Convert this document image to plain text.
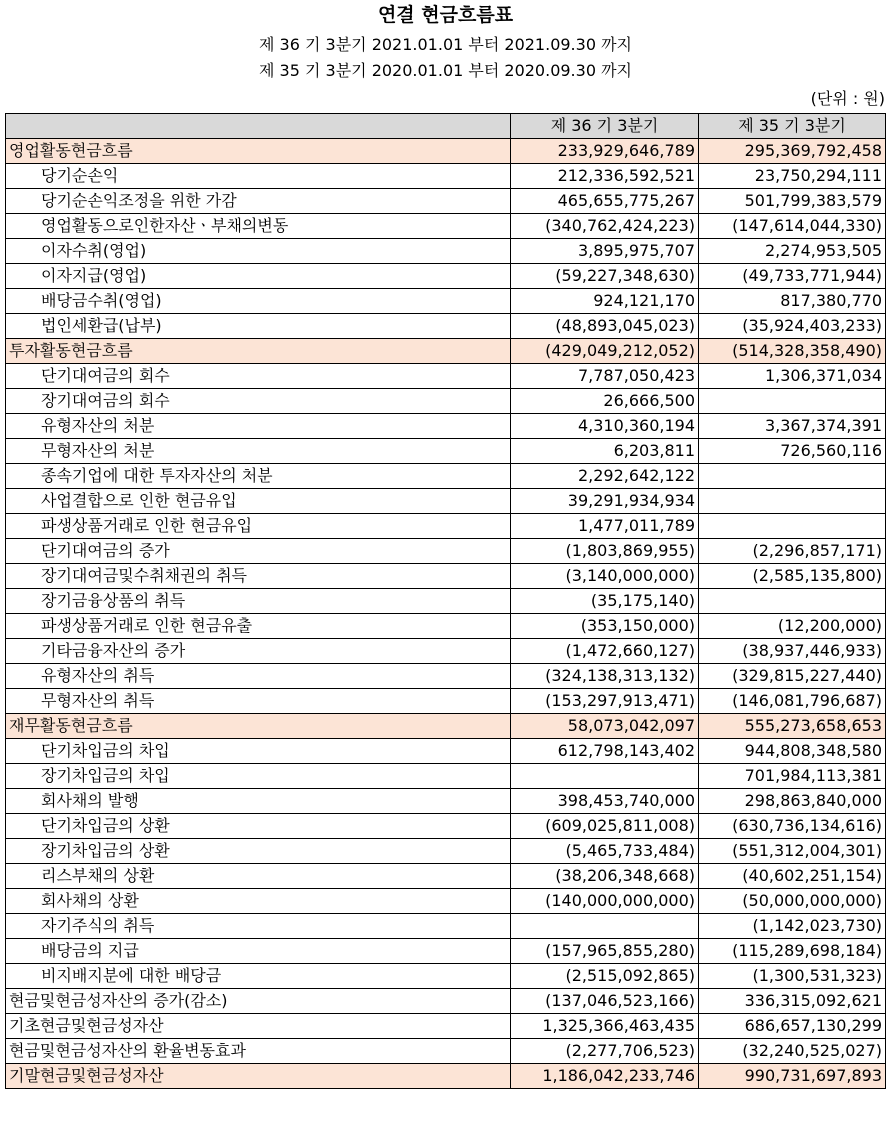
연결 현금흐름표
제 36 기 3분기 2021.01.01 부터 2021.09.30 까지
제 35 기 3분기 2020.01.01 부터 2020.09.30 까지
(단위 : 원)
	제 36 기 3분기	제 35 기 3분기
영업활동현금흐름	233,929,646,789	295,369,792,458
당기순손익	212,336,592,521	23,750,294,111
당기순손익조정을 위한 가감	465,655,775,267	501,799,383,579
영업활동으로인한자산ㆍ부채의변동	(340,762,424,223)	(147,614,044,330)
이자수취(영업)	3,895,975,707	2,274,953,505
이자지급(영업)	(59,227,348,630)	(49,733,771,944)
배당금수취(영업)	924,121,170	817,380,770
법인세환급(납부)	(48,893,045,023)	(35,924,403,233)
투자활동현금흐름	(429,049,212,052)	(514,328,358,490)
단기대여금의 회수	7,787,050,423	1,306,371,034
장기대여금의 회수	26,666,500	
유형자산의 처분	4,310,360,194	3,367,374,391
무형자산의 처분	6,203,811	726,560,116
종속기업에 대한 투자자산의 처분	2,292,642,122	
사업결합으로 인한 현금유입	39,291,934,934	
파생상품거래로 인한 현금유입	1,477,011,789	
단기대여금의 증가	(1,803,869,955)	(2,296,857,171)
장기대여금및수취채권의 취득	(3,140,000,000)	(2,585,135,800)
장기금융상품의 취득	(35,175,140)	
파생상품거래로 인한 현금유출	(353,150,000)	(12,200,000)
기타금융자산의 증가	(1,472,660,127)	(38,937,446,933)
유형자산의 취득	(324,138,313,132)	(329,815,227,440)
무형자산의 취득	(153,297,913,471)	(146,081,796,687)
재무활동현금흐름	58,073,042,097	555,273,658,653
단기차입금의 차입	612,798,143,402	944,808,348,580
장기차입금의 차입		701,984,113,381
회사채의 발행	398,453,740,000	298,863,840,000
단기차입금의 상환	(609,025,811,008)	(630,736,134,616)
장기차입금의 상환	(5,465,733,484)	(551,312,004,301)
리스부채의 상환	(38,206,348,668)	(40,602,251,154)
회사채의 상환	(140,000,000,000)	(50,000,000,000)
자기주식의 취득		(1,142,023,730)
배당금의 지급	(157,965,855,280)	(115,289,698,184)
비지배지분에 대한 배당금	(2,515,092,865)	(1,300,531,323)
현금및현금성자산의 증가(감소)	(137,046,523,166)	336,315,092,621
기초현금및현금성자산	1,325,366,463,435	686,657,130,299
현금및현금성자산의 환율변동효과	(2,277,706,523)	(32,240,525,027)
기말현금및현금성자산	1,186,042,233,746	990,731,697,893
